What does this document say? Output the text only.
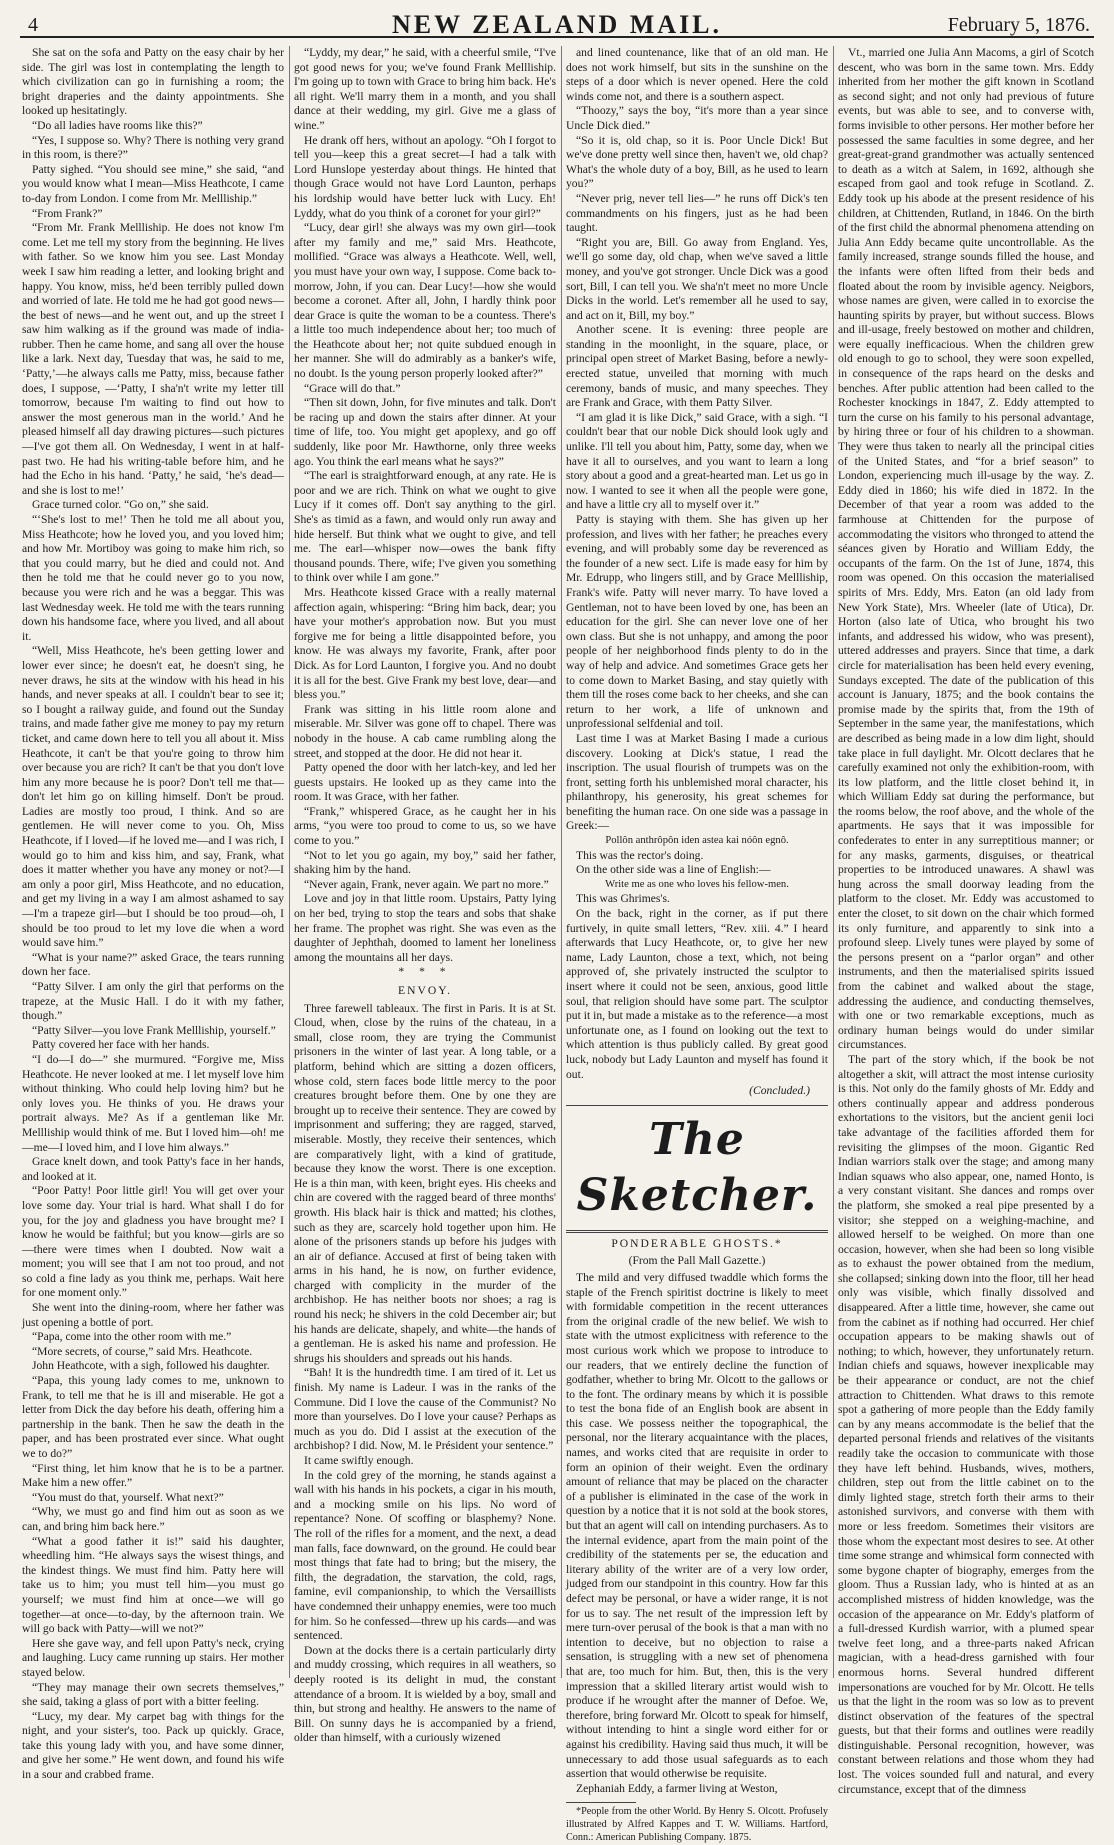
4	NEW ZEALAND MAIL.	February 5, 1876.

She sat on the sofa and Patty on the easy chair by her side. The girl was lost in contemplating the length to which civilization can go in furnishing a room; the bright draperies and the dainty appointments. She looked up hesitatingly.

“Do all ladies have rooms like this?”

“Yes, I suppose so. Why? There is nothing very grand in this room, is there?”

Patty sighed. “You should see mine,” she said, “and you would know what I mean—Miss Heathcote, I came to-day from London. I come from Mr. Mellliship.”

“From Frank?”

“From Mr. Frank Mellliship. He does not know I'm come. Let me tell my story from the beginning. He lives with father. So we know him you see. Last Monday week I saw him reading a letter, and looking bright and happy. You know, miss, he'd been terribly pulled down and worried of late. He told me he had got good news—the best of news—and he went out, and up the street I saw him walking as if the ground was made of india-rubber. Then he came home, and sang all over the house like a lark. Next day, Tuesday that was, he said to me, ‘Patty,’—he always calls me Patty, miss, because father does, I suppose, —‘Patty, I sha'n't write my letter till tomorrow, because I'm waiting to find out how to answer the most generous man in the world.’ And he pleased himself all day drawing pictures—such pictures—I've got them all. On Wednesday, I went in at half-past two. He had his writing-table before him, and he had the Echo in his hand. ‘Patty,’ he said, ‘he's dead—and she is lost to me!’

Grace turned color. “Go on,” she said.

“‘She's lost to me!’ Then he told me all about you, Miss Heathcote; how he loved you, and you loved him; and how Mr. Mortiboy was going to make him rich, so that you could marry, but he died and could not. And then he told me that he could never go to you now, because you were rich and he was a beggar. This was last Wednesday week. He told me with the tears running down his handsome face, where you lived, and all about it.

“Well, Miss Heathcote, he's been getting lower and lower ever since; he doesn't eat, he doesn't sing, he never draws, he sits at the window with his head in his hands, and never speaks at all. I couldn't bear to see it; so I bought a railway guide, and found out the Sunday trains, and made father give me money to pay my return ticket, and came down here to tell you all about it. Miss Heathcote, it can't be that you're going to throw him over because you are rich? It can't be that you don't love him any more because he is poor? Don't tell me that—don't let him go on killing himself. Don't be proud. Ladies are mostly too proud, I think. And so are gentlemen. He will never come to you. Oh, Miss Heathcote, if I loved—if he loved me—and I was rich, I would go to him and kiss him, and say, Frank, what does it matter whether you have any money or not?—I am only a poor girl, Miss Heathcote, and no education, and get my living in a way I am almost ashamed to say—I'm a trapeze girl—but I should be too proud—oh, I should be too proud to let my love die when a word would save him.”

“What is your name?” asked Grace, the tears running down her face.

“Patty Silver. I am only the girl that performs on the trapeze, at the Music Hall. I do it with my father, though.”

“Patty Silver—you love Frank Mellliship, yourself.”

Patty covered her face with her hands.

“I do—I do—” she murmured. “Forgive me, Miss Heathcote. He never looked at me. I let myself love him without thinking. Who could help loving him? but he only loves you. He thinks of you. He draws your portrait always. Me? As if a gentleman like Mr. Mellliship would think of me. But I loved him—oh! me—me—I loved him, and I love him always.”

Grace knelt down, and took Patty's face in her hands, and looked at it.

“Poor Patty! Poor little girl! You will get over your love some day. Your trial is hard. What shall I do for you, for the joy and gladness you have brought me? I know he would be faithful; but you know—girls are so—there were times when I doubted. Now wait a moment; you will see that I am not too proud, and not so cold a fine lady as you think me, perhaps. Wait here for one moment only.”

She went into the dining-room, where her father was just opening a bottle of port.

“Papa, come into the other room with me.”

“More secrets, of course,” said Mrs. Heathcote.

John Heathcote, with a sigh, followed his daughter.

“Papa, this young lady comes to me, unknown to Frank, to tell me that he is ill and miserable. He got a letter from Dick the day before his death, offering him a partnership in the bank. Then he saw the death in the paper, and has been prostrated ever since. What ought we to do?”

“First thing, let him know that he is to be a partner. Make him a new offer.”

“You must do that, yourself. What next?”

“Why, we must go and find him out as soon as we can, and bring him back here.”

“What a good father it is!” said his daughter, wheedling him. “He always says the wisest things, and the kindest things. We must find him. Patty here will take us to him; you must tell him—you must go yourself; we must find him at once—we will go together—at once—to-day, by the afternoon train. We will go back with Patty—will we not?”

Here she gave way, and fell upon Patty's neck, crying and laughing. Lucy came running up stairs. Her mother stayed below.

“They may manage their own secrets themselves,” she said, taking a glass of port with a bitter feeling.

“Lucy, my dear. My carpet bag with things for the night, and your sister's, too. Pack up quickly. Grace, take this young lady with you, and have some dinner, and give her some.” He went down, and found his wife in a sour and crabbed frame.

“Lyddy, my dear,” he said, with a cheerful smile, “I've got good news for you; we've found Frank Mellliship. I'm going up to town with Grace to bring him back. He's all right. We'll marry them in a month, and you shall dance at their wedding, my girl. Give me a glass of wine.”

He drank off hers, without an apology. “Oh I forgot to tell you—keep this a great secret—I had a talk with Lord Hunslope yesterday about things. He hinted that though Grace would not have Lord Launton, perhaps his lordship would have better luck with Lucy. Eh! Lyddy, what do you think of a coronet for your girl?”

“Lucy, dear girl! she always was my own girl—took after my family and me,” said Mrs. Heathcote, mollified. “Grace was always a Heathcote. Well, well, you must have your own way, I suppose. Come back to-morrow, John, if you can. Dear Lucy!—how she would become a coronet. After all, John, I hardly think poor dear Grace is quite the woman to be a countess. There's a little too much independence about her; too much of the Heathcote about her; not quite subdued enough in her manner. She will do admirably as a banker's wife, no doubt. Is the young person properly looked after?”

“Grace will do that.”

“Then sit down, John, for five minutes and talk. Don't be racing up and down the stairs after dinner. At your time of life, too. You might get apoplexy, and go off suddenly, like poor Mr. Hawthorne, only three weeks ago. You think the earl means what he says?”

“The earl is straightforward enough, at any rate. He is poor and we are rich. Think on what we ought to give Lucy if it comes off. Don't say anything to the girl. She's as timid as a fawn, and would only run away and hide herself. But think what we ought to give, and tell me. The earl—whisper now—owes the bank fifty thousand pounds. There, wife; I've given you something to think over while I am gone.”

Mrs. Heathcote kissed Grace with a really maternal affection again, whispering: “Bring him back, dear; you have your mother's approbation now. But you must forgive me for being a little disappointed before, you know. He was always my favorite, Frank, after poor Dick. As for Lord Launton, I forgive you. And no doubt it is all for the best. Give Frank my best love, dear—and bless you.”

Frank was sitting in his little room alone and miserable. Mr. Silver was gone off to chapel. There was nobody in the house. A cab came rumbling along the street, and stopped at the door. He did not hear it.

Patty opened the door with her latch-key, and led her guests upstairs. He looked up as they came into the room. It was Grace, with her father.

“Frank,” whispered Grace, as he caught her in his arms, “you were too proud to come to us, so we have come to you.”

“Not to let you go again, my boy,” said her father, shaking him by the hand.

“Never again, Frank, never again. We part no more.”

Love and joy in that little room. Upstairs, Patty lying on her bed, trying to stop the tears and sobs that shake her frame. The prophet was right. She was even as the daughter of Jephthah, doomed to lament her loneliness among the mountains all her days.

* * *

ENVOY.

Three farewell tableaux. The first in Paris. It is at St. Cloud, when, close by the ruins of the chateau, in a small, close room, they are trying the Communist prisoners in the winter of last year. A long table, or a platform, behind which are sitting a dozen officers, whose cold, stern faces bode little mercy to the poor creatures brought before them. One by one they are brought up to receive their sentence. They are cowed by imprisonment and suffering; they are ragged, starved, miserable. Mostly, they receive their sentences, which are comparatively light, with a kind of gratitude, because they know the worst. There is one exception. He is a thin man, with keen, bright eyes. His cheeks and chin are covered with the ragged beard of three months' growth. His black hair is thick and matted; his clothes, such as they are, scarcely hold together upon him. He alone of the prisoners stands up before his judges with an air of defiance. Accused at first of being taken with arms in his hand, he is now, on further evidence, charged with complicity in the murder of the archbishop. He has neither boots nor shoes; a rag is round his neck; he shivers in the cold December air; but his hands are delicate, shapely, and white—the hands of a gentleman. He is asked his name and profession. He shrugs his shoulders and spreads out his hands.

“Bah! It is the hundredth time. I am tired of it. Let us finish. My name is Ladeur. I was in the ranks of the Commune. Did I love the cause of the Communist? No more than yourselves. Do I love your cause? Perhaps as much as you do. Did I assist at the execution of the archbishop? I did. Now, M. le Président your sentence.”

It came swiftly enough.

In the cold grey of the morning, he stands against a wall with his hands in his pockets, a cigar in his mouth, and a mocking smile on his lips. No word of repentance? None. Of scoffing or blasphemy? None. The roll of the rifles for a moment, and the next, a dead man falls, face downward, on the ground. He could bear most things that fate had to bring; but the misery, the filth, the degradation, the starvation, the cold, rags, famine, evil companionship, to which the Versaillists have condemned their unhappy enemies, were too much for him. So he confessed—threw up his cards—and was sentenced.

Down at the docks there is a certain particularly dirty and muddy crossing, which requires in all weathers, so deeply rooted is its delight in mud, the constant attendance of a broom. It is wielded by a boy, small and thin, but strong and healthy. He answers to the name of Bill. On sunny days he is accompanied by a friend, older than himself, with a curiously wizened

and lined countenance, like that of an old man. He does not work himself, but sits in the sunshine on the steps of a door which is never opened. Here the cold winds come not, and there is a southern aspect.

“Thoozy,” says the boy, “it's more than a year since Uncle Dick died.”

“So it is, old chap, so it is. Poor Uncle Dick! But we've done pretty well since then, haven't we, old chap? What's the whole duty of a boy, Bill, as he used to learn you?”

“Never prig, never tell lies—” he runs off Dick's ten commandments on his fingers, just as he had been taught.

“Right you are, Bill. Go away from England. Yes, we'll go some day, old chap, when we've saved a little money, and you've got stronger. Uncle Dick was a good sort, Bill, I can tell you. We sha'n't meet no more Uncle Dicks in the world. Let's remember all he used to say, and act on it, Bill, my boy.”

Another scene. It is evening: three people are standing in the moonlight, in the square, place, or principal open street of Market Basing, before a newly-erected statue, unveiled that morning with much ceremony, bands of music, and many speeches. They are Frank and Grace, with them Patty Silver.

“I am glad it is like Dick,” said Grace, with a sigh. “I couldn't bear that our noble Dick should look ugly and unlike. I'll tell you about him, Patty, some day, when we have it all to ourselves, and you want to learn a long story about a good and a great-hearted man. Let us go in now. I wanted to see it when all the people were gone, and have a little cry all to myself over it.”

Patty is staying with them. She has given up her profession, and lives with her father; he preaches every evening, and will probably some day be reverenced as the founder of a new sect. Life is made easy for him by Mr. Edrupp, who lingers still, and by Grace Mellliship, Frank's wife. Patty will never marry. To have loved a Gentleman, not to have been loved by one, has been an education for the girl. She can never love one of her own class. But she is not unhappy, and among the poor people of her neighborhood finds plenty to do in the way of help and advice. And sometimes Grace gets her to come down to Market Basing, and stay quietly with them till the roses come back to her cheeks, and she can return to her work, a life of unknown and unprofessional selfdenial and toil.

Last time I was at Market Basing I made a curious discovery. Looking at Dick's statue, I read the inscription. The usual flourish of trumpets was on the front, setting forth his unblemished moral character, his philanthropy, his generosity, his great schemes for benefiting the human race. On one side was a passage in Greek:—

Pollôn anthrôpôn iden astea kai nóôn egnô.

This was the rector's doing.

On the other side was a line of English:—

Write me as one who loves his fellow-men.

This was Ghrimes's.

On the back, right in the corner, as if put there furtively, in quite small letters, “Rev. xiii. 4.” I heard afterwards that Lucy Heathcote, or, to give her new name, Lady Launton, chose a text, which, not being approved of, she privately instructed the sculptor to insert where it could not be seen, anxious, good little soul, that religion should have some part. The sculptor put it in, but made a mistake as to the reference—a most unfortunate one, as I found on looking out the text to which attention is thus publicly called. By great good luck, nobody but Lady Launton and myself has found it out.

(Concluded.)

The Sketcher.

PONDERABLE GHOSTS.*

(From the Pall Mall Gazette.)

The mild and very diffused twaddle which forms the staple of the French spiritist doctrine is likely to meet with formidable competition in the recent utterances from the original cradle of the new belief. We wish to state with the utmost explicitness with reference to the most curious work which we propose to introduce to our readers, that we entirely decline the function of godfather, whether to bring Mr. Olcott to the gallows or to the font. The ordinary means by which it is possible to test the bona fide of an English book are absent in this case. We possess neither the topographical, the personal, nor the literary acquaintance with the places, names, and works cited that are requisite in order to form an opinion of their weight. Even the ordinary amount of reliance that may be placed on the character of a publisher is eliminated in the case of the work in question by a notice that it is not sold at the book stores, but that an agent will call on intending purchasers. As to the internal evidence, apart from the main point of the credibility of the statements per se, the education and literary ability of the writer are of a very low order, judged from our standpoint in this country. How far this defect may be personal, or have a wider range, it is not for us to say. The net result of the impression left by mere turn-over perusal of the book is that a man with no intention to deceive, but no objection to raise a sensation, is struggling with a new set of phenomena that are, too much for him. But, then, this is the very impression that a skilled literary artist would wish to produce if he wrought after the manner of Defoe. We, therefore, bring forward Mr. Olcott to speak for himself, without intending to hint a single word either for or against his credibility. Having said thus much, it will be unnecessary to add those usual safeguards as to each assertion that would otherwise be requisite.

Zephaniah Eddy, a farmer living at Weston,

*People from the other World. By Henry S. Olcott. Profusely illustrated by Alfred Kappes and T. W. Williams. Hartford, Conn.: American Publishing Company. 1875.

Vt., married one Julia Ann Macoms, a girl of Scotch descent, who was born in the same town. Mrs. Eddy inherited from her mother the gift known in Scotland as second sight; and not only had previous of future events, but was able to see, and to converse with, forms invisible to other persons. Her mother before her possessed the same faculties in some degree, and her great-great-grand grandmother was actually sentenced to death as a witch at Salem, in 1692, although she escaped from gaol and took refuge in Scotland. Z. Eddy took up his abode at the present residence of his children, at Chittenden, Rutland, in 1846. On the birth of the first child the abnormal phenomena attending on Julia Ann Eddy became quite uncontrollable. As the family increased, strange sounds filled the house, and the infants were often lifted from their beds and floated about the room by invisible agency. Neigbors, whose names are given, were called in to exorcise the haunting spirits by prayer, but without success. Blows and ill-usage, freely bestowed on mother and children, were equally inefficacious. When the children grew old enough to go to school, they were soon expelled, in consequence of the raps heard on the desks and benches. After public attention had been called to the Rochester knockings in 1847, Z. Eddy attempted to turn the curse on his family to his personal advantage, by hiring three or four of his children to a showman. They were thus taken to nearly all the principal cities of the United States, and “for a brief season” to London, experiencing much ill-usage by the way. Z. Eddy died in 1860; his wife died in 1872. In the December of that year a room was added to the farmhouse at Chittenden for the purpose of accommodating the visitors who thronged to attend the séances given by Horatio and William Eddy, the occupants of the farm. On the 1st of June, 1874, this room was opened. On this occasion the materialised spirits of Mrs. Eddy, Mrs. Eaton (an old lady from New York State), Mrs. Wheeler (late of Utica), Dr. Horton (also late of Utica, who brought his two infants, and addressed his widow, who was present), uttered addresses and prayers. Since that time, a dark circle for materialisation has been held every evening, Sundays excepted. The date of the publication of this account is January, 1875; and the book contains the promise made by the spirits that, from the 19th of September in the same year, the manifestations, which are described as being made in a low dim light, should take place in full daylight. Mr. Olcott declares that he carefully examined not only the exhibition-room, with its low platform, and the little closet behind it, in which William Eddy sat during the performance, but the rooms below, the roof above, and the whole of the apartments. He says that it was impossible for confederates to enter in any surreptitious manner; or for any masks, garments, disguises, or theatrical properties to be introduced unawares. A shawl was hung across the small doorway leading from the platform to the closet. Mr. Eddy was accustomed to enter the closet, to sit down on the chair which formed its only furniture, and apparently to sink into a profound sleep. Lively tunes were played by some of the persons present on a “parlor organ” and other instruments, and then the materialised spirits issued from the cabinet and walked about the stage, addressing the audience, and conducting themselves, with one or two remarkable exceptions, much as ordinary human beings would do under similar circumstances.

The part of the story which, if the book be not altogether a skit, will attract the most intense curiosity is this. Not only do the family ghosts of Mr. Eddy and others continually appear and address ponderous exhortations to the visitors, but the ancient genii loci take advantage of the facilities afforded them for revisiting the glimpses of the moon. Gigantic Red Indian warriors stalk over the stage; and among many Indian squaws who also appear, one, named Honto, is a very constant visitant. She dances and romps over the platform, she smoked a real pipe presented by a visitor; she stepped on a weighing-machine, and allowed herself to be weighed. On more than one occasion, however, when she had been so long visible as to exhaust the power obtained from the medium, she collapsed; sinking down into the floor, till her head only was visible, which finally dissolved and disappeared. After a little time, however, she came out from the cabinet as if nothing had occurred. Her chief occupation appears to be making shawls out of nothing; to which, however, they unfortunately return. Indian chiefs and squaws, however inexplicable may be their appearance or conduct, are not the chief attraction to Chittenden. What draws to this remote spot a gathering of more people than the Eddy family can by any means accommodate is the belief that the departed personal friends and relatives of the visitants readily take the occasion to communicate with those they have left behind. Husbands, wives, mothers, children, step out from the little cabinet on to the dimly lighted stage, stretch forth their arms to their astonished survivors, and converse with them with more or less freedom. Sometimes their visitors are those whom the expectant most desires to see. At other time some strange and whimsical form connected with some bygone chapter of biography, emerges from the gloom. Thus a Russian lady, who is hinted at as an accomplished mistress of hidden knowledge, was the occasion of the appearance on Mr. Eddy's platform of a full-dressed Kurdish warrior, with a plumed spear twelve feet long, and a three-parts naked African magician, with a head-dress garnished with four enormous horns. Several hundred different impersonations are vouched for by Mr. Olcott. He tells us that the light in the room was so low as to prevent distinct observation of the features of the spectral guests, but that their forms and outlines were readily distinguishable. Personal recognition, however, was constant between relations and those whom they had lost. The voices sounded full and natural, and every circumstance, except that of the dimness
